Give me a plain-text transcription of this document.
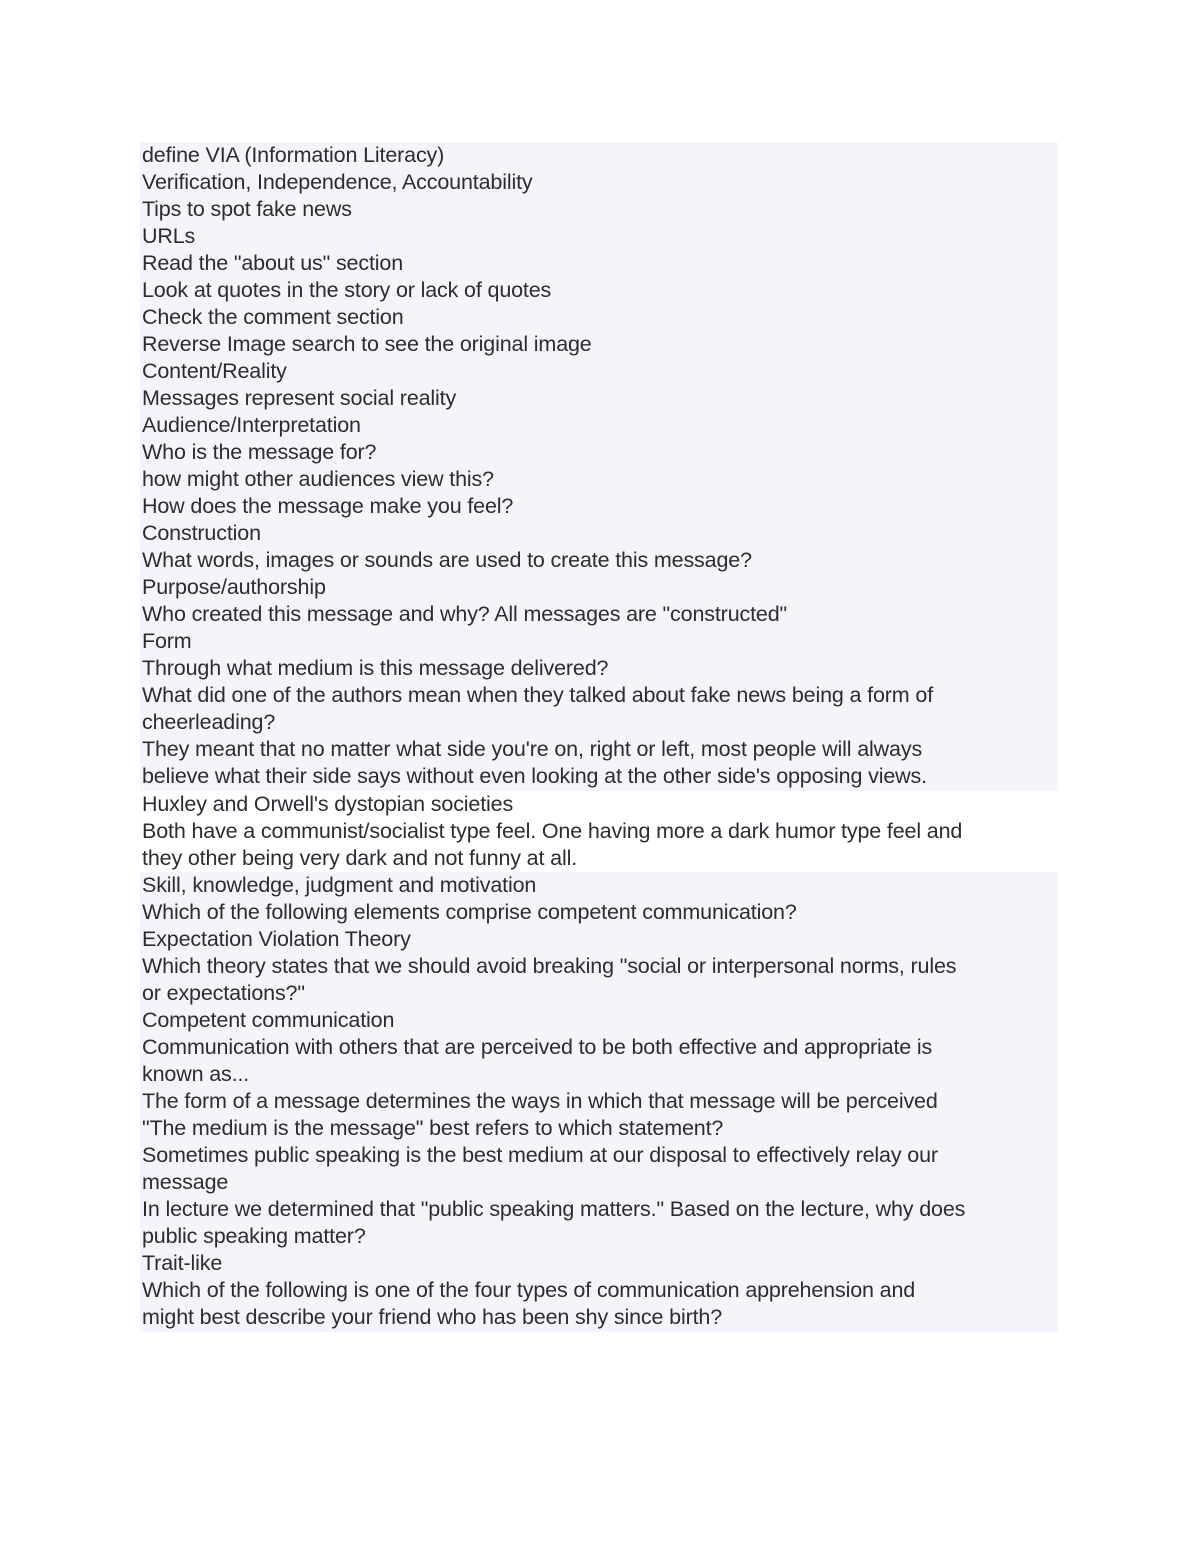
define VIA (Information Literacy)
Verification, Independence, Accountability
Tips to spot fake news
URLs
Read the "about us" section
Look at quotes in the story or lack of quotes
Check the comment section
Reverse Image search to see the original image
Content/Reality
Messages represent social reality
Audience/Interpretation
Who is the message for?
how might other audiences view this?
How does the message make you feel?
Construction
What words, images or sounds are used to create this message?
Purpose/authorship
Who created this message and why? All messages are "constructed"
Form
Through what medium is this message delivered?
What did one of the authors mean when they talked about fake news being a form of
cheerleading?
They meant that no matter what side you're on, right or left, most people will always
believe what their side says without even looking at the other side's opposing views.
Huxley and Orwell's dystopian societies
Both have a communist/socialist type feel. One having more a dark humor type feel and
they other being very dark and not funny at all.
Skill, knowledge, judgment and motivation
Which of the following elements comprise competent communication?
Expectation Violation Theory
Which theory states that we should avoid breaking "social or interpersonal norms, rules
or expectations?"
Competent communication
Communication with others that are perceived to be both effective and appropriate is
known as...
The form of a message determines the ways in which that message will be perceived
"The medium is the message" best refers to which statement?
Sometimes public speaking is the best medium at our disposal to effectively relay our
message
In lecture we determined that "public speaking matters." Based on the lecture, why does
public speaking matter?
Trait-like
Which of the following is one of the four types of communication apprehension and
might best describe your friend who has been shy since birth?
